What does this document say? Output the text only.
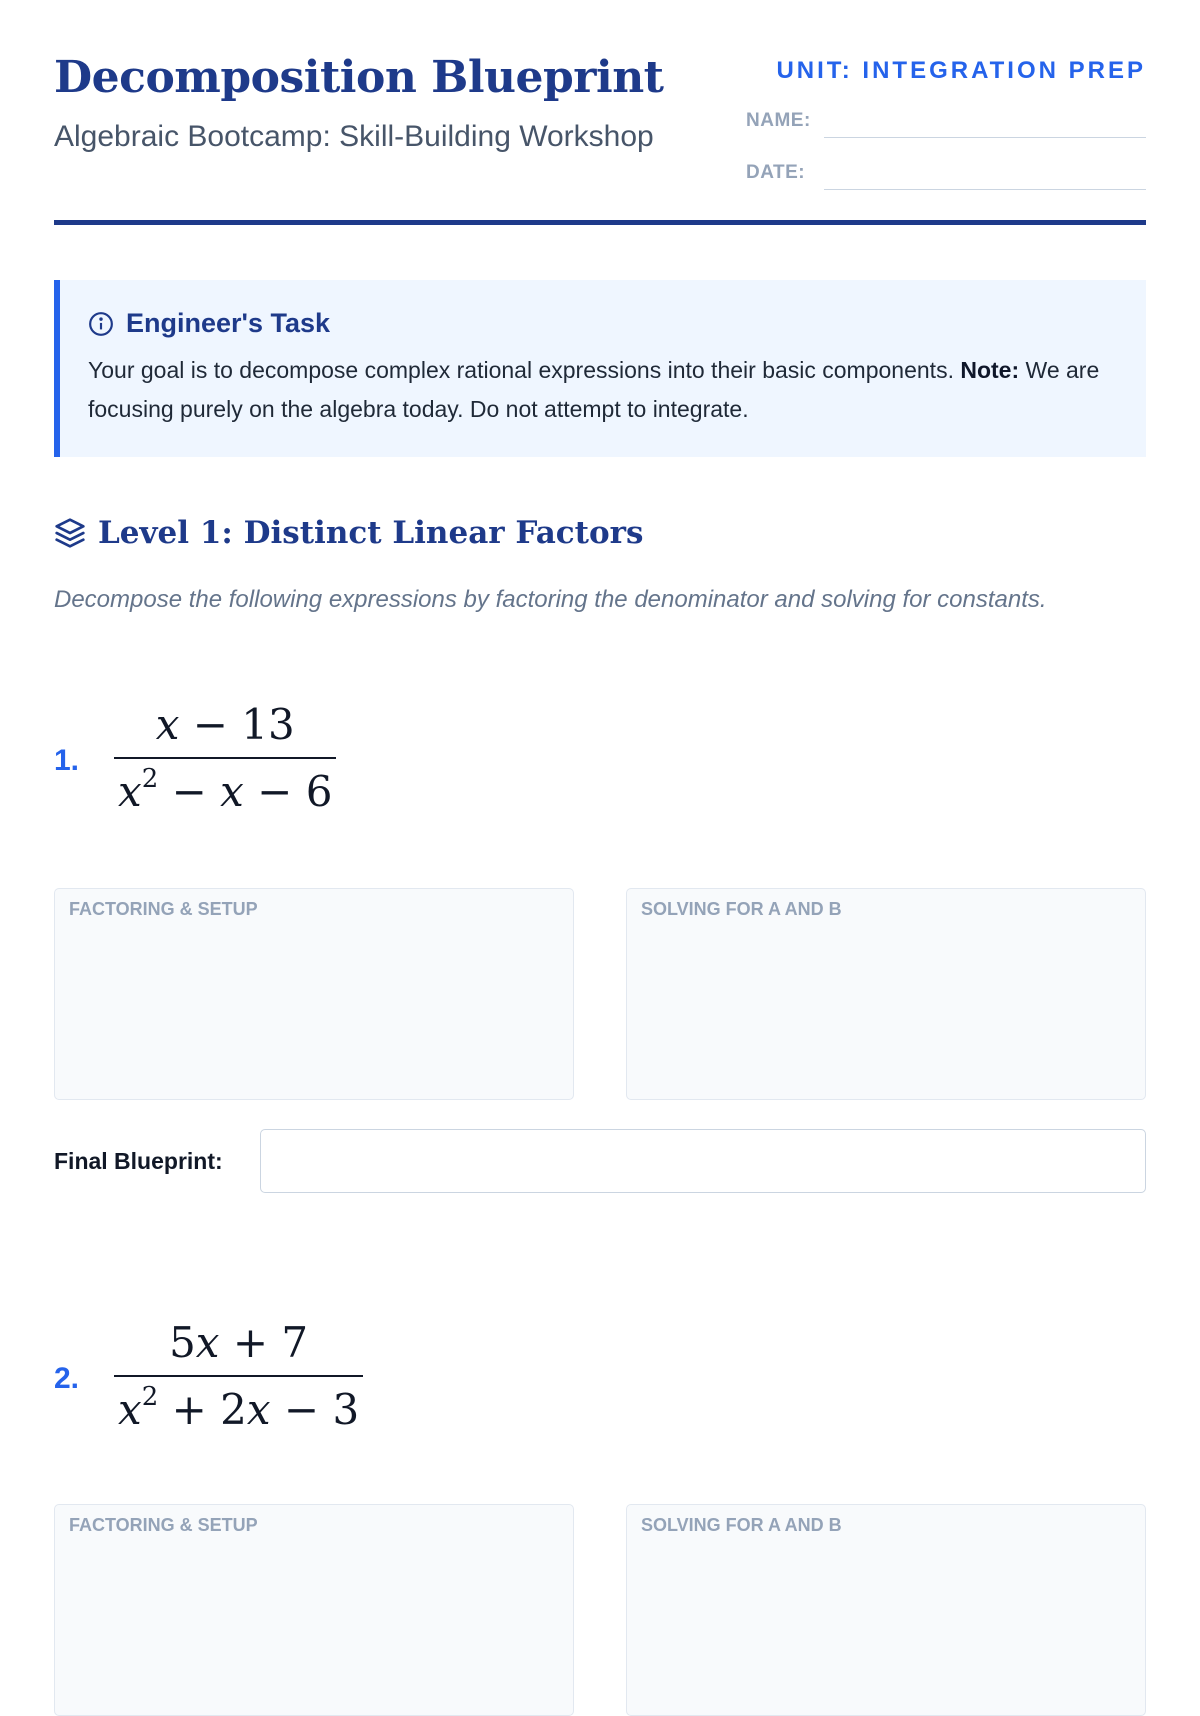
Decomposition Blueprint

Algebraic Bootcamp: Skill-Building Workshop

UNIT: INTEGRATION PREP
NAME:
DATE:
Engineer's Task
Your goal is to decompose complex rational expressions into their basic components. Note: We are focusing purely on the algebra today. Do not attempt to integrate.
Level 1: Distinct Linear Factors
Decompose the following expressions by factoring the denominator and solving for constants.
1.
x − 13
$x^2 - x - 6$
FACTORING & SETUP	SOLVING FOR A AND B
Final Blueprint:
2.
5x + 7
$x^2 + 2x - 3$
FACTORING & SETUP	SOLVING FOR A AND B
